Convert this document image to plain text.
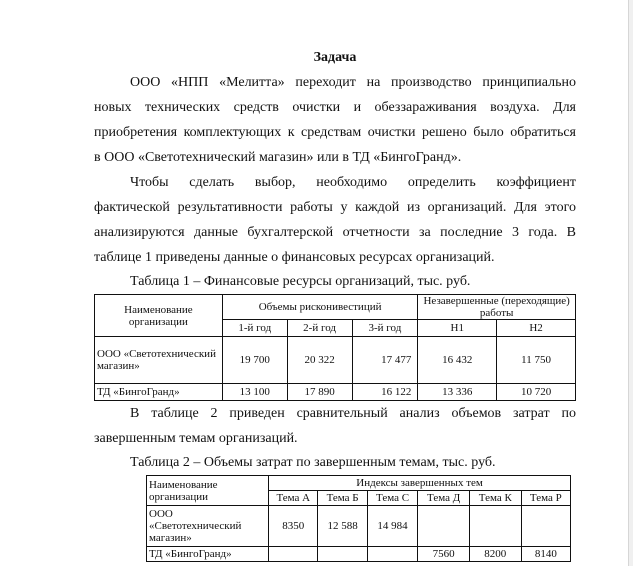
Задача
ООО «НПП «Мелитта» переходит на производство принципиально
новых технических средств очистки и обеззараживания воздуха. Для
приобретения комплектующих к средствам очистки решено было обратиться
в ООО «Светотехнический магазин» или в ТД «БингоГранд».
Чтобы сделать выбор, необходимо определить коэффициент
фактической результативности работы у каждой из организаций. Для этого
анализируются данные бухгалтерской отчетности за последние 3 года. В
таблице 1 приведены данные о финансовых ресурсах организаций.
Таблица 1 – Финансовые ресурсы организаций, тыс. руб.
Наименование организации	Объемы рисконивестиций			Незавершенные (переходящие) работы	
	1-й год	2-й год	3-й год	Н1	Н2
ООО «Светотехнический магазин»	19 700	20 322	17 477	16 432	11 750
ТД «БингоГранд»	13 100	17 890	16 122	13 336	10 720
В таблице 2 приведен сравнительный анализ объемов затрат по
завершенным темам организаций.
Таблица 2 – Объемы затрат по завершенным темам, тыс. руб.
Наименование организации	Индексы завершенных тем					
	Тема А	Тема Б	Тема С	Тема Д	Тема К	Тема Р
ООО «Светотехнический магазин»	8350	12 588	14 984			
ТД «БингоГранд»				7560	8200	8140
